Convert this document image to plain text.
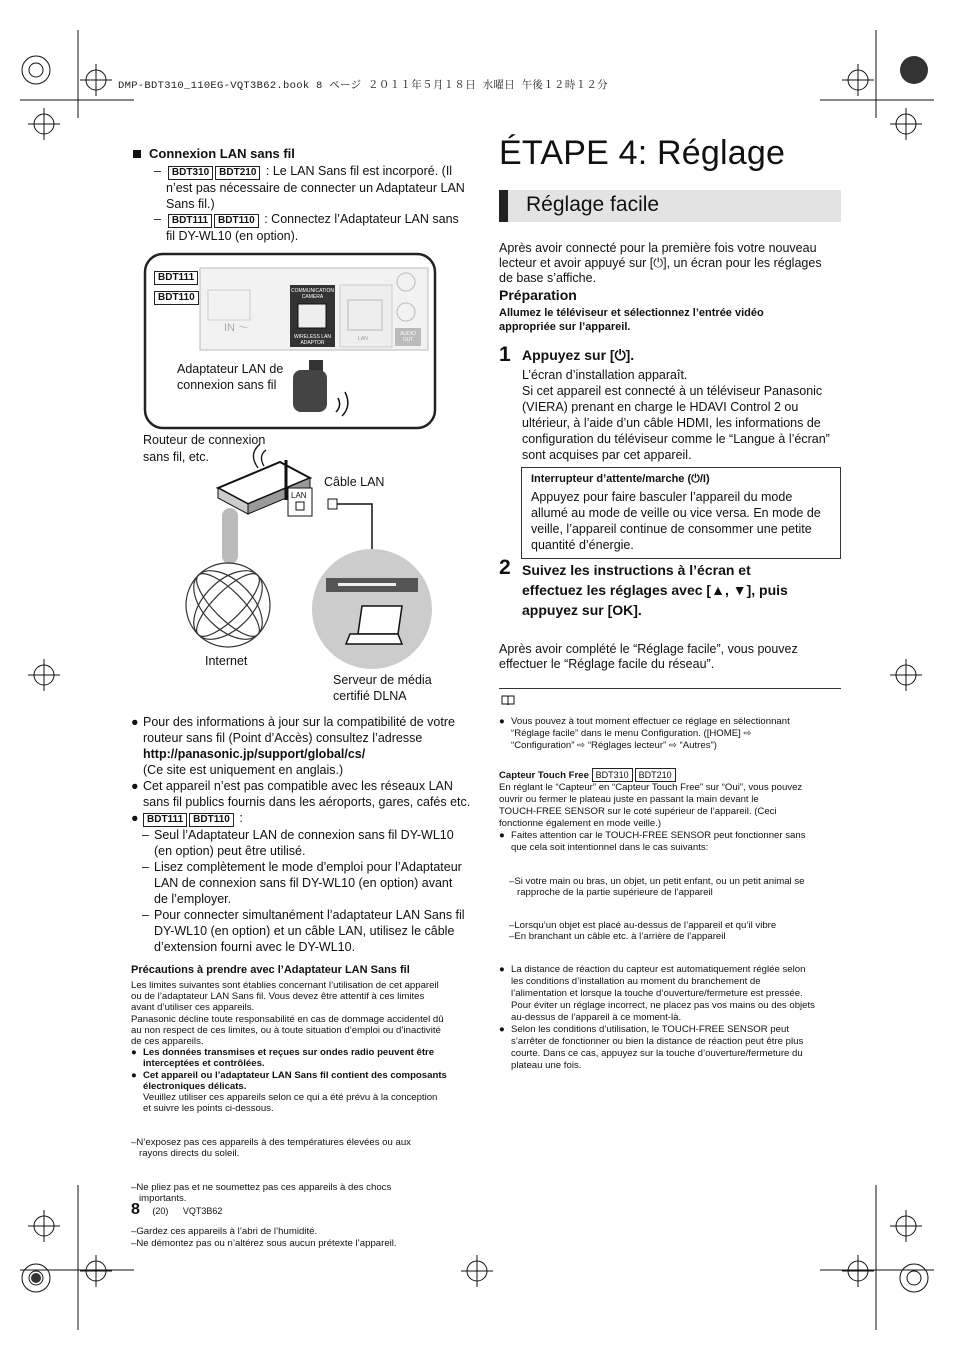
DMP-BDT310_110EG-VQT3B62.book 8 ページ ２０１１年５月１８日 水曜日 午後１２時１２分
Connexion LAN sans fil
–  BDT310 BDT210 : Le LAN Sans fil est incorporé. (Il
n’est pas nécessaire de connecter un Adaptateur LAN
Sans fil.)
–  BDT111 BDT110 : Connectez l’Adaptateur LAN sans
fil DY-WL10 (en option).
BDT111
BDT110
IN ～
COMMUNICATION CAMERA
WIRELESS LAN ADAPTOR
LAN
AUDIO OUT
Adaptateur LAN de
connexion sans fil
Routeur de connexion
sans fil, etc.
LAN
Câble LAN
Internet
Serveur de média
certifié DLNA
● Pour des informations à jour sur la compatibilité de votre
routeur sans fil (Point d’Accès) consultez l’adresse
http://panasonic.jp/support/global/cs/
(Ce site est uniquement en anglais.)
● Cet appareil n’est pas compatible avec les réseaux LAN
sans fil publics fournis dans les aéroports, gares, cafés etc.
● BDT111 BDT110 :
– Seul l’Adaptateur LAN de connexion sans fil DY-WL10
(en option) peut être utilisé.
– Lisez complètement le mode d’emploi pour l’Adaptateur
LAN de connexion sans fil DY-WL10 (en option) avant
de l’employer.
– Pour connecter simultanément l’adaptateur LAN Sans fil
DY-WL10 (en option) et un câble LAN, utilisez le câble
d’extension fourni avec le DY-WL10.
Précautions à prendre avec l’Adaptateur LAN Sans fil
Les limites suivantes sont établies concernant l’utilisation de cet appareil
ou de l’adaptateur LAN Sans fil. Vous devez être attentif à ces limites
avant d’utiliser ces appareils.
Panasonic décline toute responsabilité en cas de dommage accidentel dû
au non respect de ces limites, ou à toute situation d’emploi ou d’inactivité
de ces appareils.
● Les données transmises et reçues sur ondes radio peuvent être
interceptées et contrôlées.
● Cet appareil ou l’adaptateur LAN Sans fil contient des composants
électroniques délicats.
Veuillez utiliser ces appareils selon ce qui a été prévu à la conception
et suivre les points ci-dessous.

–N’exposez pas ces appareils à des températures élevées ou aux
rayons directs du soleil.

–Ne pliez pas et ne soumettez pas ces appareils à des chocs
importants.

–Gardez ces appareils à l’abri de l’humidité.
–Ne démontez pas ou n’altérez sous aucun prétexte l’appareil.

8 (20) VQT3B62
ÉTAPE 4: Réglage
Réglage facile
Après avoir connecté pour la première fois votre nouveau
lecteur et avoir appuyé sur [⏻], un écran pour les réglages
de base s’affiche.
Préparation
Allumez le téléviseur et sélectionnez l’entrée vidéo
appropriée sur l’appareil.
1 Appuyez sur [⏻].
L’écran d’installation apparaît.
Si cet appareil est connecté à un téléviseur Panasonic
(VIERA) prenant en charge le HDAVI Control 2 ou
ultérieur, à l’aide d’un câble HDMI, les informations de
configuration du téléviseur comme le “Langue à l’écran”
sont acquises par cet appareil.
Interrupteur d’attente/marche (⏻/I)
Appuyez pour faire basculer l’appareil du mode
allumé au mode de veille ou vice versa. En mode de
veille, l’appareil continue de consommer une petite
quantité d’énergie.
2 Suivez les instructions à l’écran et
effectuez les réglages avec [▲, ▼], puis
appuyez sur [OK].
Après avoir complété le “Réglage facile”, vous pouvez
effectuer le “Réglage facile du réseau”.
● Vous pouvez à tout moment effectuer ce réglage en sélectionnant
“Réglage facile” dans le menu Configuration. ([HOME] ⇨
“Configuration” ⇨ “Réglages lecteur” ⇨ “Autres”)
Capteur Touch Free BDT310 BDT210
En réglant le “Capteur” en “Capteur Touch Free” sur “Oui”, vous pouvez
ouvrir ou fermer le plateau juste en passant la main devant le
TOUCH-FREE SENSOR sur le coté supérieur de l’appareil. (Ceci
fonctionne également en mode veille.)
● Faites attention car le TOUCH-FREE SENSOR peut fonctionner sans
que cela soit intentionnel dans le cas suivants:

–Si votre main ou bras, un objet, un petit enfant, ou un petit animal se
rapproche de la partie supérieure de l’appareil

–Lorsqu’un objet est placé au-dessus de l’appareil et qu’il vibre
–En branchant un câble etc. à l’arrière de l’appareil

● La distance de réaction du capteur est automatiquement réglée selon
les conditions d’installation au moment du branchement de
l’alimentation et lorsque la touche d’ouverture/fermeture est pressée.
Pour éviter un réglage incorrect, ne placez pas vos mains ou des objets
au-dessus de l’appareil à ce moment-là.
● Selon les conditions d’utilisation, le TOUCH-FREE SENSOR peut
s’arrêter de fonctionner ou bien la distance de réaction peut être plus
courte. Dans ce cas, appuyez sur la touche d’ouverture/fermeture du
plateau une fois.
